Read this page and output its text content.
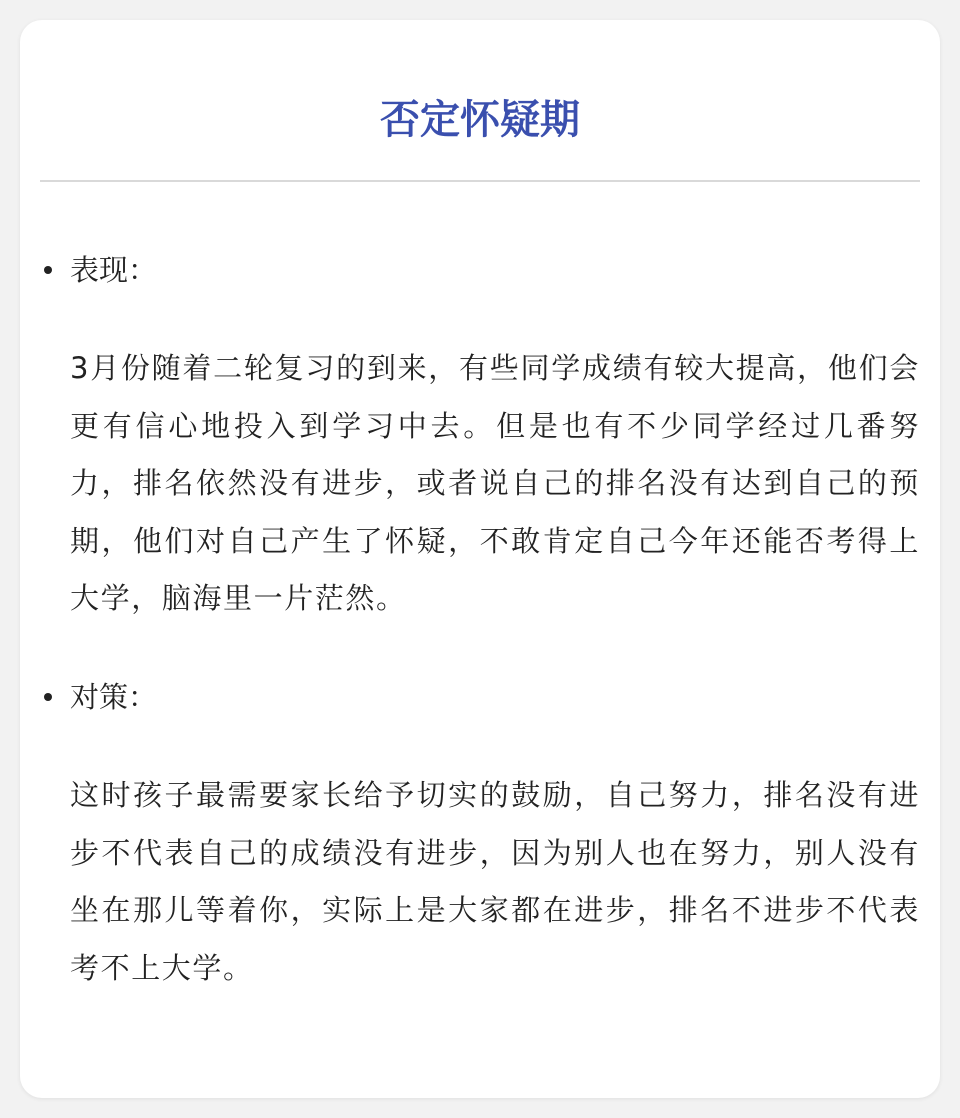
否定怀疑期
表现：
3月份随着二轮复习的到来，有些同学成绩有较大提高，他们会更有信心地投入到学习中去。但是也有不少同学经过几番努力，排名依然没有进步，或者说自己的排名没有达到自己的预期，他们对自己产生了怀疑，不敢肯定自己今年还能否考得上大学，脑海里一片茫然。
对策：
这时孩子最需要家长给予切实的鼓励，自己努力，排名没有进步不代表自己的成绩没有进步，因为别人也在努力，别人没有坐在那儿等着你，实际上是大家都在进步，排名不进步不代表考不上大学。
